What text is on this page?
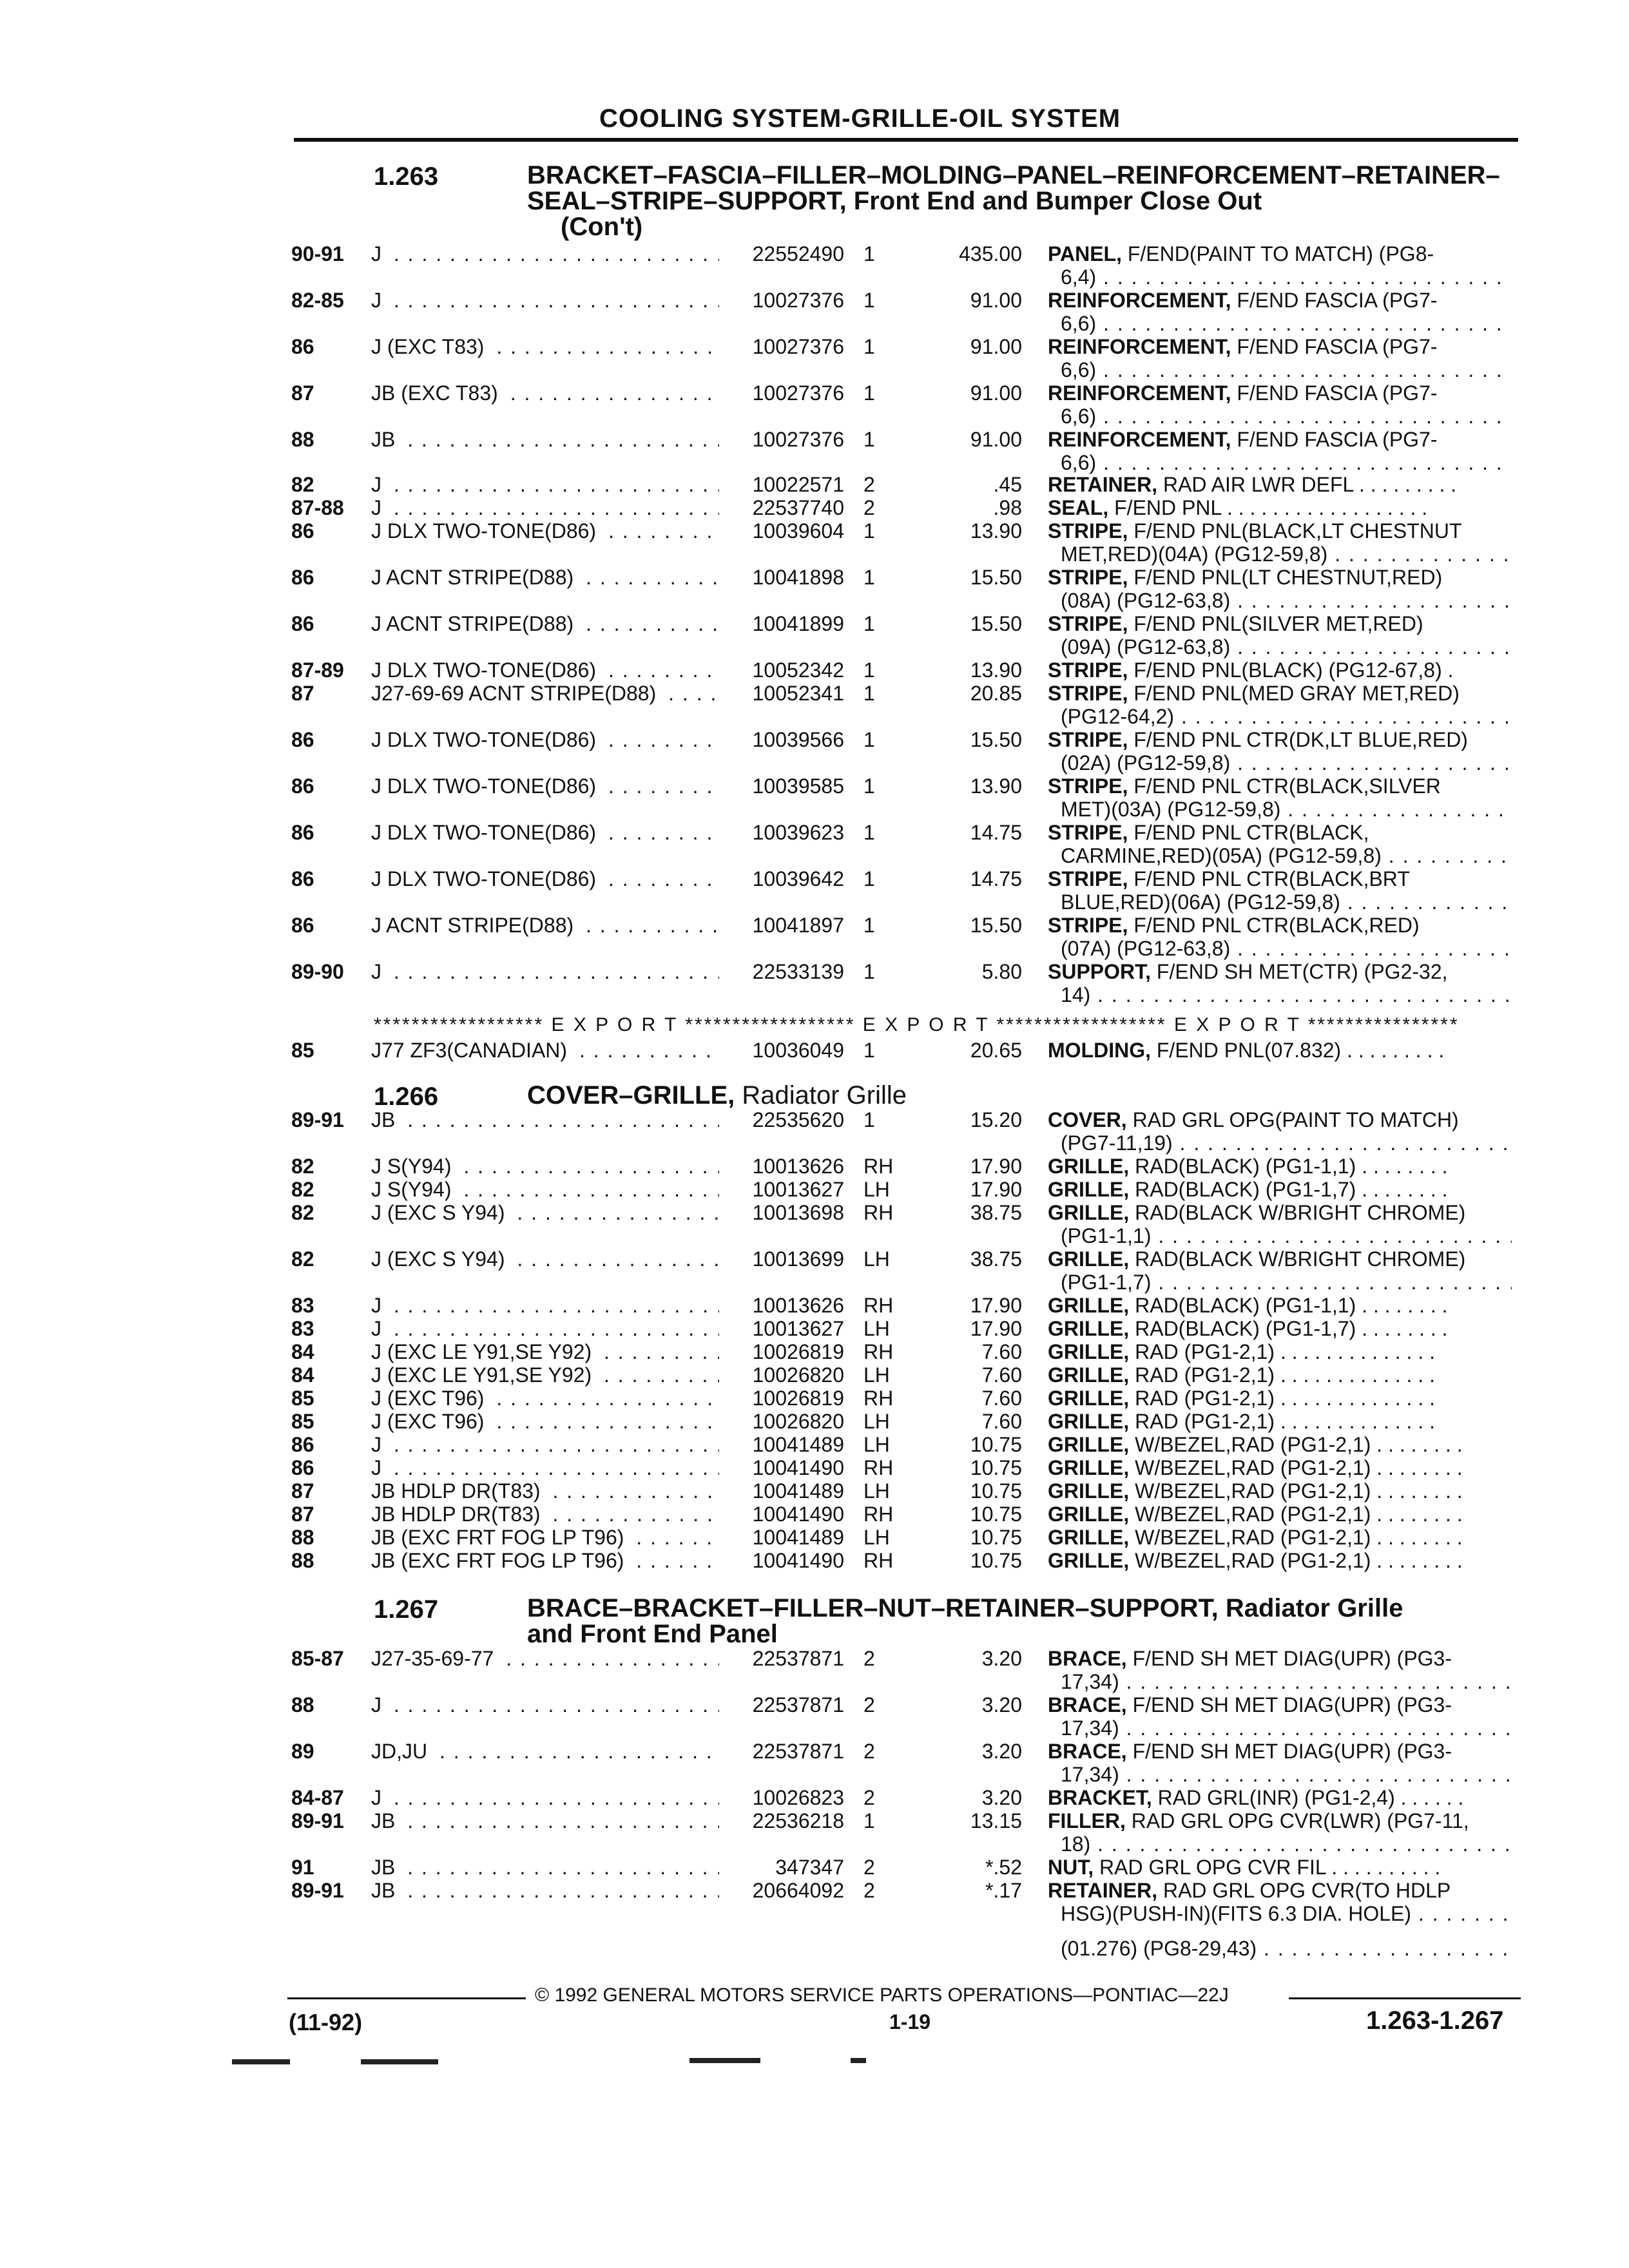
COOLING SYSTEM-GRILLE-OIL SYSTEM
1.263	BRACKET–FASCIA–FILLER–MOLDING–PANEL–REINFORCEMENT–RETAINER–SEAL–STRIPE–SUPPORT, Front End and Bumper Close Out
(Con't)
90-91 J . . .	22552490 1	435.00 PANEL, F/END(PAINT TO MATCH) (PG8-
6,4) . . .
82-85 J . . .	10027376 1	91.00 REINFORCEMENT, F/END FASCIA (PG7-
6,6) . . .
86	J (EXC T83) . . .	10027376 1	91.00 REINFORCEMENT, F/END FASCIA (PG7-
6,6) . . .
87	JB (EXC T83) . . .	10027376 1	91.00 REINFORCEMENT, F/END FASCIA (PG7-
6,6) . . .
88	JB . . .	10027376 1	91.00 REINFORCEMENT, F/END FASCIA (PG7-
6,6) . . .
82	J . . .	10022571 2	.45 RETAINER, RAD AIR LWR DEFL . . . . . . . . .
87-88 J . . .	22537740 2	.98 SEAL, F/END PNL . . . . . . . . . . . . . . . . . .
86	J DLX TWO-TONE(D86) . . .	10039604 1	13.90 STRIPE, F/END PNL(BLACK,LT CHESTNUT
MET,RED)(04A) (PG12-59,8) . . .
86	J ACNT STRIPE(D88) . . .	10041898 1	15.50 STRIPE, F/END PNL(LT CHESTNUT,RED)
(08A) (PG12-63,8) . . .
86	J ACNT STRIPE(D88) . . .	10041899 1	15.50 STRIPE, F/END PNL(SILVER MET,RED)
(09A) (PG12-63,8) . . .
87-89 J DLX TWO-TONE(D86) . . .	10052342 1	13.90 STRIPE, F/END PNL(BLACK) (PG12-67,8) .
87	J27-69-69 ACNT STRIPE(D88) . . .	10052341 1	20.85 STRIPE, F/END PNL(MED GRAY MET,RED)
(PG12-64,2) . . .
86	J DLX TWO-TONE(D86) . . .	10039566 1	15.50 STRIPE, F/END PNL CTR(DK,LT BLUE,RED)
(02A) (PG12-59,8) . . .
86	J DLX TWO-TONE(D86) . . .	10039585 1	13.90 STRIPE, F/END PNL CTR(BLACK,SILVER
MET)(03A) (PG12-59,8) . . .
86	J DLX TWO-TONE(D86) . . .	10039623 1	14.75 STRIPE, F/END PNL CTR(BLACK,
CARMINE,RED)(05A) (PG12-59,8) . . .
86	J DLX TWO-TONE(D86) . . .	10039642 1	14.75 STRIPE, F/END PNL CTR(BLACK,BRT
BLUE,RED)(06A) (PG12-59,8) . . .
86	J ACNT STRIPE(D88) . . .	10041897 1	15.50 STRIPE, F/END PNL CTR(BLACK,RED)
(07A) (PG12-63,8) . . .
89-90 J . . .	22533139 1	5.80 SUPPORT, F/END SH MET(CTR) (PG2-32,
14) . . .
85	J77 ZF3(CANADIAN) . . .	10036049 1	20.65 MOLDING, F/END PNL(07.832) . . . . . . . . .
89-91 JB . . .	22535620 1	15.20 COVER, RAD GRL OPG(PAINT TO MATCH)
(PG7-11,19) . . .
82	J S(Y94) . . .	10013626 RH	17.90 GRILLE, RAD(BLACK) (PG1-1,1) . . . . . . . .
82	J S(Y94) . . .	10013627 LH	17.90 GRILLE, RAD(BLACK) (PG1-1,7) . . . . . . . .
82	J (EXC S Y94) . . .	10013698 RH	38.75 GRILLE, RAD(BLACK W/BRIGHT CHROME)
(PG1-1,1) . . .
82	J (EXC S Y94) . . .	10013699 LH	38.75 GRILLE, RAD(BLACK W/BRIGHT CHROME)
(PG1-1,7) . . .
83	J . . .	10013626 RH	17.90 GRILLE, RAD(BLACK) (PG1-1,1) . . . . . . . .
83	J . . .	10013627 LH	17.90 GRILLE, RAD(BLACK) (PG1-1,7) . . . . . . . .
84	J (EXC LE Y91,SE Y92) . . .	10026819 RH	7.60 GRILLE, RAD (PG1-2,1) . . . . . . . . . . . . . .
84	J (EXC LE Y91,SE Y92) . . .	10026820 LH	7.60 GRILLE, RAD (PG1-2,1) . . . . . . . . . . . . . .
85	J (EXC T96) . . .	10026819 RH	7.60 GRILLE, RAD (PG1-2,1) . . . . . . . . . . . . . .
85	J (EXC T96) . . .	10026820 LH	7.60 GRILLE, RAD (PG1-2,1) . . . . . . . . . . . . . .
86	J . . .	10041489 LH	10.75 GRILLE, W/BEZEL,RAD (PG1-2,1) . . . . . . . .
86	J . . .	10041490 RH	10.75 GRILLE, W/BEZEL,RAD (PG1-2,1) . . . . . . . .
87	JB HDLP DR(T83) . . .	10041489 LH	10.75 GRILLE, W/BEZEL,RAD (PG1-2,1) . . . . . . . .
87	JB HDLP DR(T83) . . .	10041490 RH	10.75 GRILLE, W/BEZEL,RAD (PG1-2,1) . . . . . . . .
88	JB (EXC FRT FOG LP T96) . . .	10041489 LH	10.75 GRILLE, W/BEZEL,RAD (PG1-2,1) . . . . . . . .
88	JB (EXC FRT FOG LP T96) . . .	10041490 RH	10.75 GRILLE, W/BEZEL,RAD (PG1-2,1) . . . . . . . .
85-87 J27-35-69-77 . . .	22537871 2	3.20 BRACE, F/END SH MET DIAG(UPR) (PG3-
17,34) . . .
88	J . . .	22537871 2	3.20 BRACE, F/END SH MET DIAG(UPR) (PG3-
17,34) . . .
89	JD,JU . . .	22537871 2	3.20 BRACE, F/END SH MET DIAG(UPR) (PG3-
17,34) . . .
84-87 J . . .	10026823 2	3.20 BRACKET, RAD GRL(INR) (PG1-2,4) . . . . . .
89-91 JB . . .	22536218 1	13.15 FILLER, RAD GRL OPG CVR(LWR) (PG7-11,
18) . . .
91	JB . . .	347347 2	*.52 NUT, RAD GRL OPG CVR FIL . . . . . . . . . .
89-91 JB . . .	20664092 2	*.17 RETAINER, RAD GRL OPG CVR(TO HDLP
HSG)(PUSH-IN)(FITS 6.3 DIA. HOLE) . . .
****************** E X P O R T ****************** E X P O R T ****************** E X P O R T ****************
1.266	COVER–GRILLE, Radiator Grille
1.267	BRACE–BRACKET–FILLER–NUT–RETAINER–SUPPORT, Radiator Grille
and Front End Panel
(01.276) (PG8-29,43) . . .
© 1992 GENERAL MOTORS SERVICE PARTS OPERATIONS—PONTIAC—22J
(11-92)	1-19	1.263-1.267
